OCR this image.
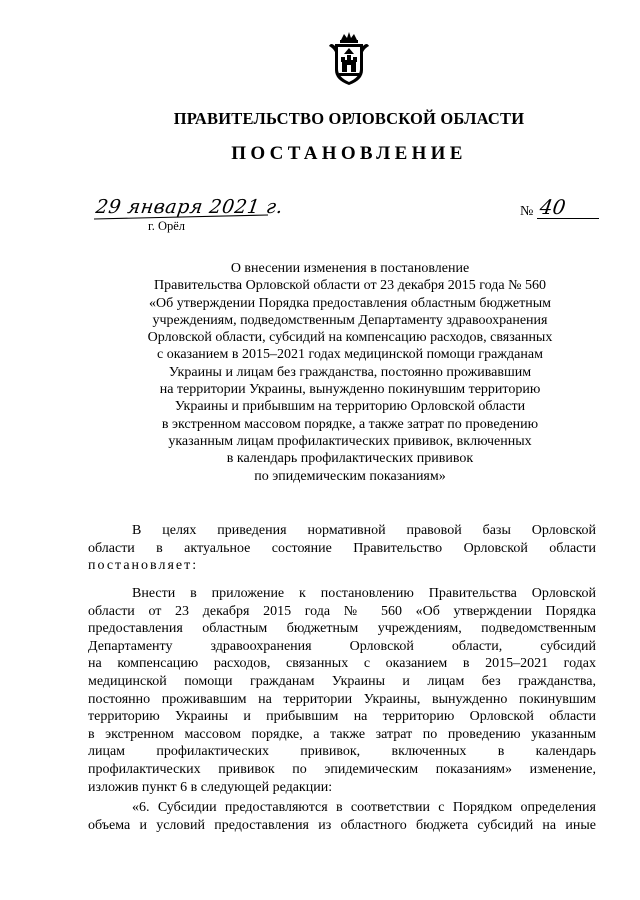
ПРАВИТЕЛЬСТВО ОРЛОВСКОЙ ОБЛАСТИ
ПОСТАНОВЛЕНИЕ
29 января 2021 г.
г. Орёл
№ 40
О внесении изменения в постановление
Правительства Орловской области от 23 декабря 2015 года № 560
«Об утверждении Порядка предоставления областным бюджетным
учреждениям, подведомственным Департаменту здравоохранения
Орловской области, субсидий на компенсацию расходов, связанных
с оказанием в 2015–2021 годах медицинской помощи гражданам
Украины и лицам без гражданства, постоянно проживавшим
на территории Украины, вынужденно покинувшим территорию
Украины и прибывшим на территорию Орловской области
в экстренном массовом порядке, а также затрат по проведению
указанным лицам профилактических прививок, включенных
в календарь профилактических прививок
по эпидемическим показаниям»
В целях приведения нормативной правовой базы Орловской
области в актуальное состояние Правительство Орловской области
постановляет:
Внести в приложение к постановлению Правительства Орловской
области от 23 декабря 2015 года № 560 «Об утверждении Порядка
предоставления областным бюджетным учреждениям, подведомственным
Департаменту здравоохранения Орловской области, субсидий
на компенсацию расходов, связанных с оказанием в 2015–2021 годах
медицинской помощи гражданам Украины и лицам без гражданства,
постоянно проживавшим на территории Украины, вынужденно покинувшим
территорию Украины и прибывшим на территорию Орловской области
в экстренном массовом порядке, а также затрат по проведению указанным
лицам профилактических прививок, включенных в календарь
профилактических прививок по эпидемическим показаниям» изменение,
изложив пункт 6 в следующей редакции:
«6. Субсидии предоставляются в соответствии с Порядком определения
объема и условий предоставления из областного бюджета субсидий на иные
